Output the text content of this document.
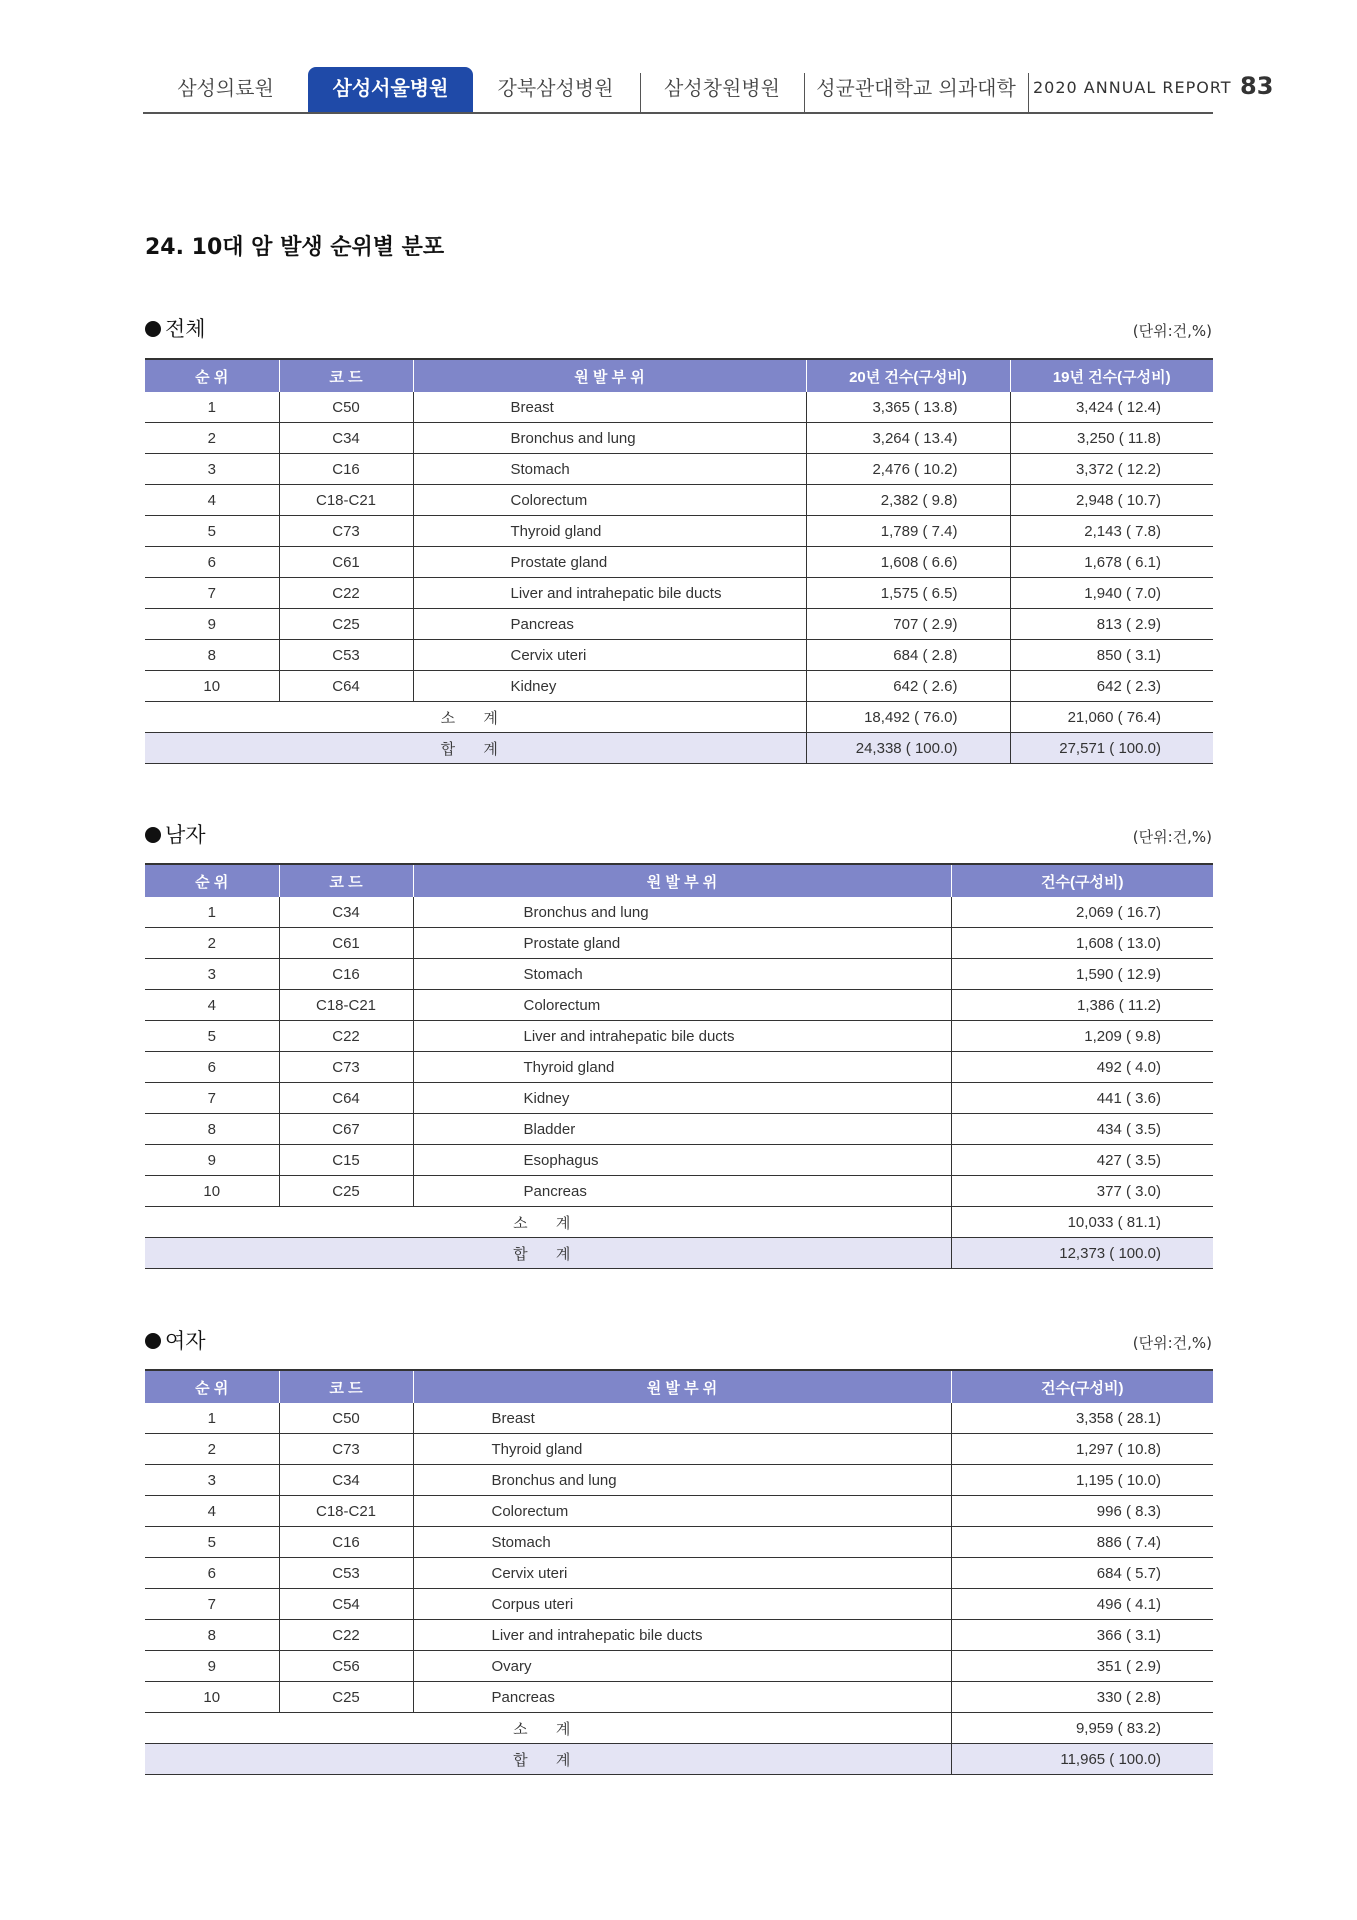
삼성의료원	삼성서울병원	강북삼성병원	삼성창원병원	성균관대학교 의과대학	2020 ANNUAL REPORT 83
24. 10대 암 발생 순위별 분포
전체	(단위:건,%)
순 위	코 드	원 발 부 위	20년 건수(구성비)	19년 건수(구성비)
1	C50	Breast	3,365 ( 13.8)	3,424 ( 12.4)
2	C34	Bronchus and lung	3,264 ( 13.4)	3,250 ( 11.8)
3	C16	Stomach	2,476 ( 10.2)	3,372 ( 12.2)
4	C18-C21	Colorectum	2,382 ( 9.8)	2,948 ( 10.7)
5	C73	Thyroid gland	1,789 ( 7.4)	2,143 ( 7.8)
6	C61	Prostate gland	1,608 ( 6.6)	1,678 ( 6.1)
7	C22	Liver and intrahepatic bile ducts	1,575 ( 6.5)	1,940 ( 7.0)
9	C25	Pancreas	707 ( 2.9)	813 ( 2.9)
8	C53	Cervix uteri	684 ( 2.8)	850 ( 3.1)
10	C64	Kidney	642 ( 2.6)	642 ( 2.3)
소 계			18,492 ( 76.0)	21,060 ( 76.4)
합 계			24,338 ( 100.0)	27,571 ( 100.0)
남자	(단위:건,%)
순 위	코 드	원 발 부 위	건수(구성비)
1	C34	Bronchus and lung	2,069 ( 16.7)
2	C61	Prostate gland	1,608 ( 13.0)
3	C16	Stomach	1,590 ( 12.9)
4	C18-C21	Colorectum	1,386 ( 11.2)
5	C22	Liver and intrahepatic bile ducts	1,209 ( 9.8)
6	C73	Thyroid gland	492 ( 4.0)
7	C64	Kidney	441 ( 3.6)
8	C67	Bladder	434 ( 3.5)
9	C15	Esophagus	427 ( 3.5)
10	C25	Pancreas	377 ( 3.0)
소 계			10,033 ( 81.1)
합 계			12,373 ( 100.0)
여자	(단위:건,%)
순 위	코 드	원 발 부 위	건수(구성비)
1	C50	Breast	3,358 ( 28.1)
2	C73	Thyroid gland	1,297 ( 10.8)
3	C34	Bronchus and lung	1,195 ( 10.0)
4	C18-C21	Colorectum	996 ( 8.3)
5	C16	Stomach	886 ( 7.4)
6	C53	Cervix uteri	684 ( 5.7)
7	C54	Corpus uteri	496 ( 4.1)
8	C22	Liver and intrahepatic bile ducts	366 ( 3.1)
9	C56	Ovary	351 ( 2.9)
10	C25	Pancreas	330 ( 2.8)
소 계			9,959 ( 83.2)
합 계			11,965 ( 100.0)
